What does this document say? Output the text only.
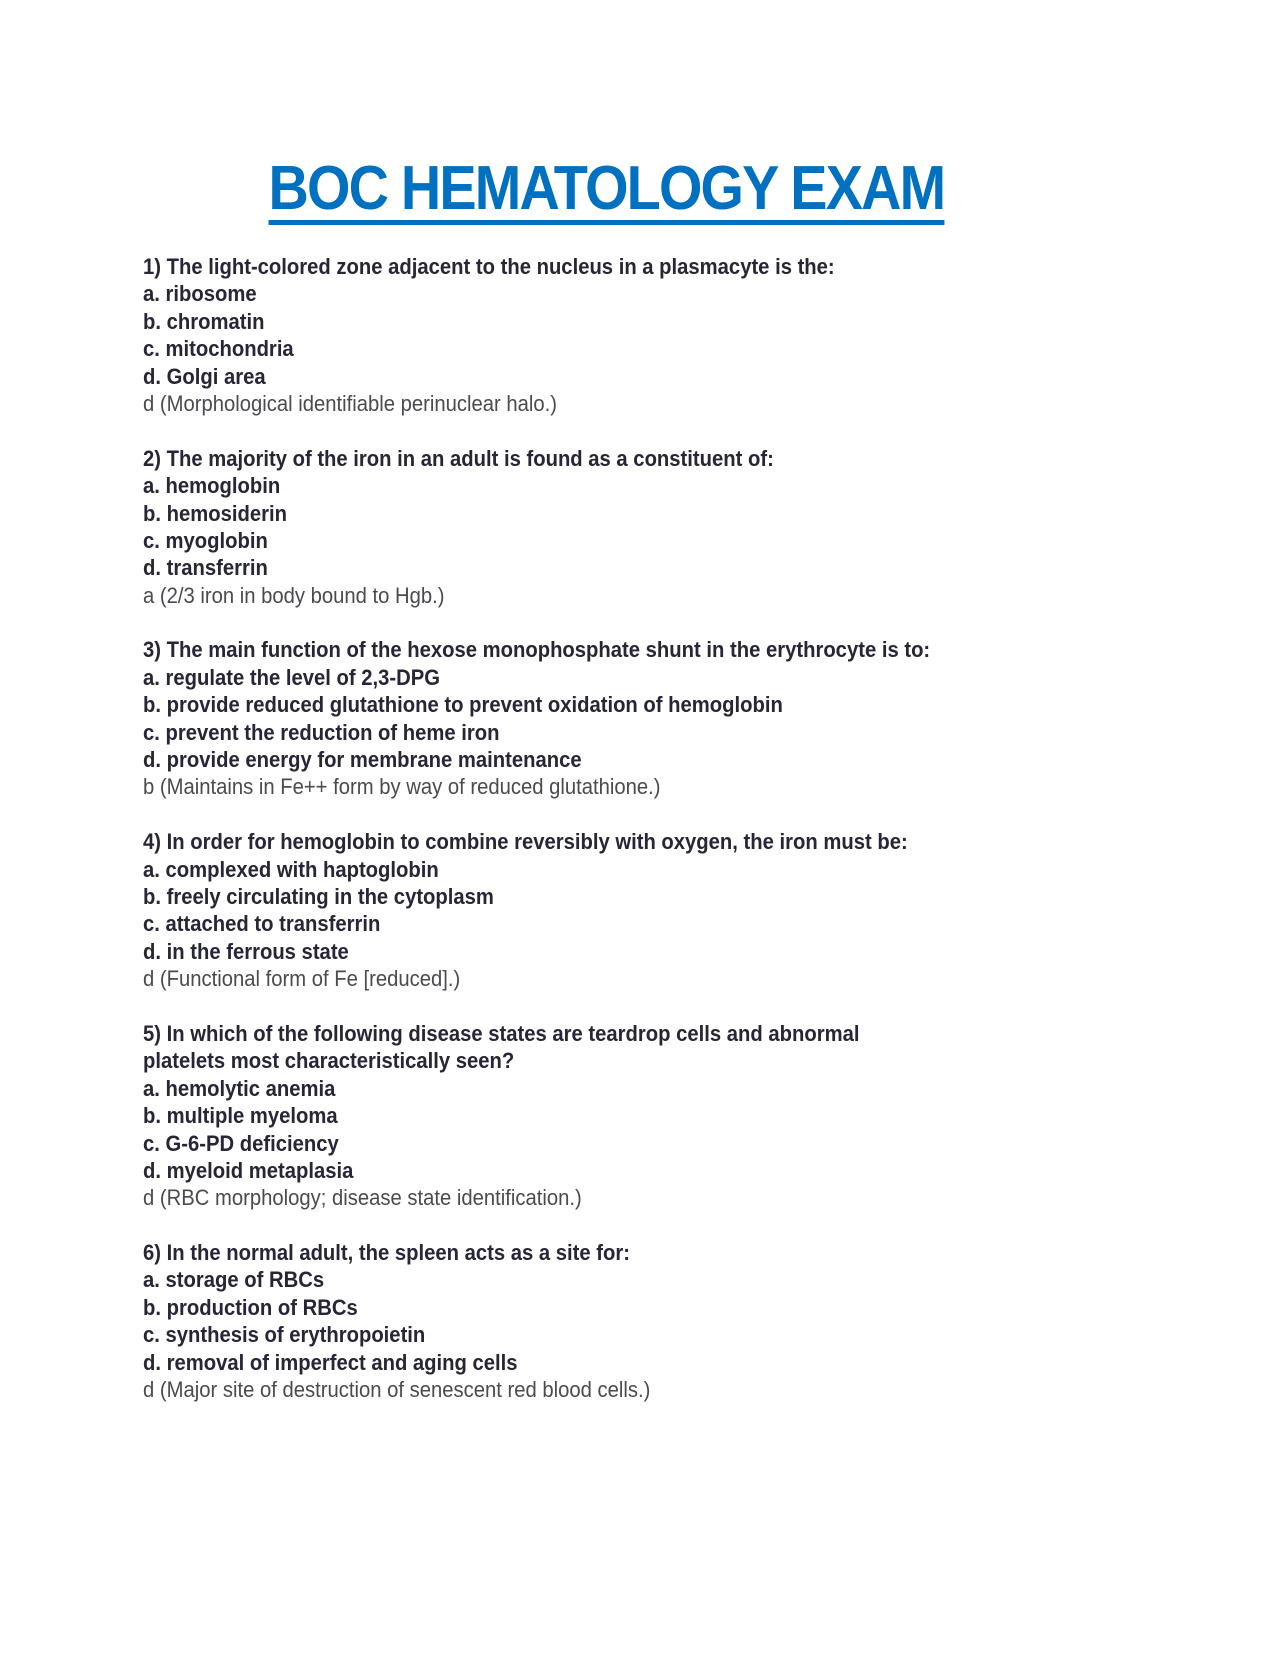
BOC HEMATOLOGY EXAM
1) The light-colored zone adjacent to the nucleus in a plasmacyte is the:
a. ribosome
b. chromatin
c. mitochondria
d. Golgi area
d (Morphological identifiable perinuclear halo.)
2) The majority of the iron in an adult is found as a constituent of:
a. hemoglobin
b. hemosiderin
c. myoglobin
d. transferrin
a (2/3 iron in body bound to Hgb.)
3) The main function of the hexose monophosphate shunt in the erythrocyte is to:
a. regulate the level of 2,3-DPG
b. provide reduced glutathione to prevent oxidation of hemoglobin
c. prevent the reduction of heme iron
d. provide energy for membrane maintenance
b (Maintains in Fe++ form by way of reduced glutathione.)
4) In order for hemoglobin to combine reversibly with oxygen, the iron must be:
a. complexed with haptoglobin
b. freely circulating in the cytoplasm
c. attached to transferrin
d. in the ferrous state
d (Functional form of Fe [reduced].)
5) In which of the following disease states are teardrop cells and abnormal
platelets most characteristically seen?
a. hemolytic anemia
b. multiple myeloma
c. G-6-PD deficiency
d. myeloid metaplasia
d (RBC morphology; disease state identification.)
6) In the normal adult, the spleen acts as a site for:
a. storage of RBCs
b. production of RBCs
c. synthesis of erythropoietin
d. removal of imperfect and aging cells
d (Major site of destruction of senescent red blood cells.)
